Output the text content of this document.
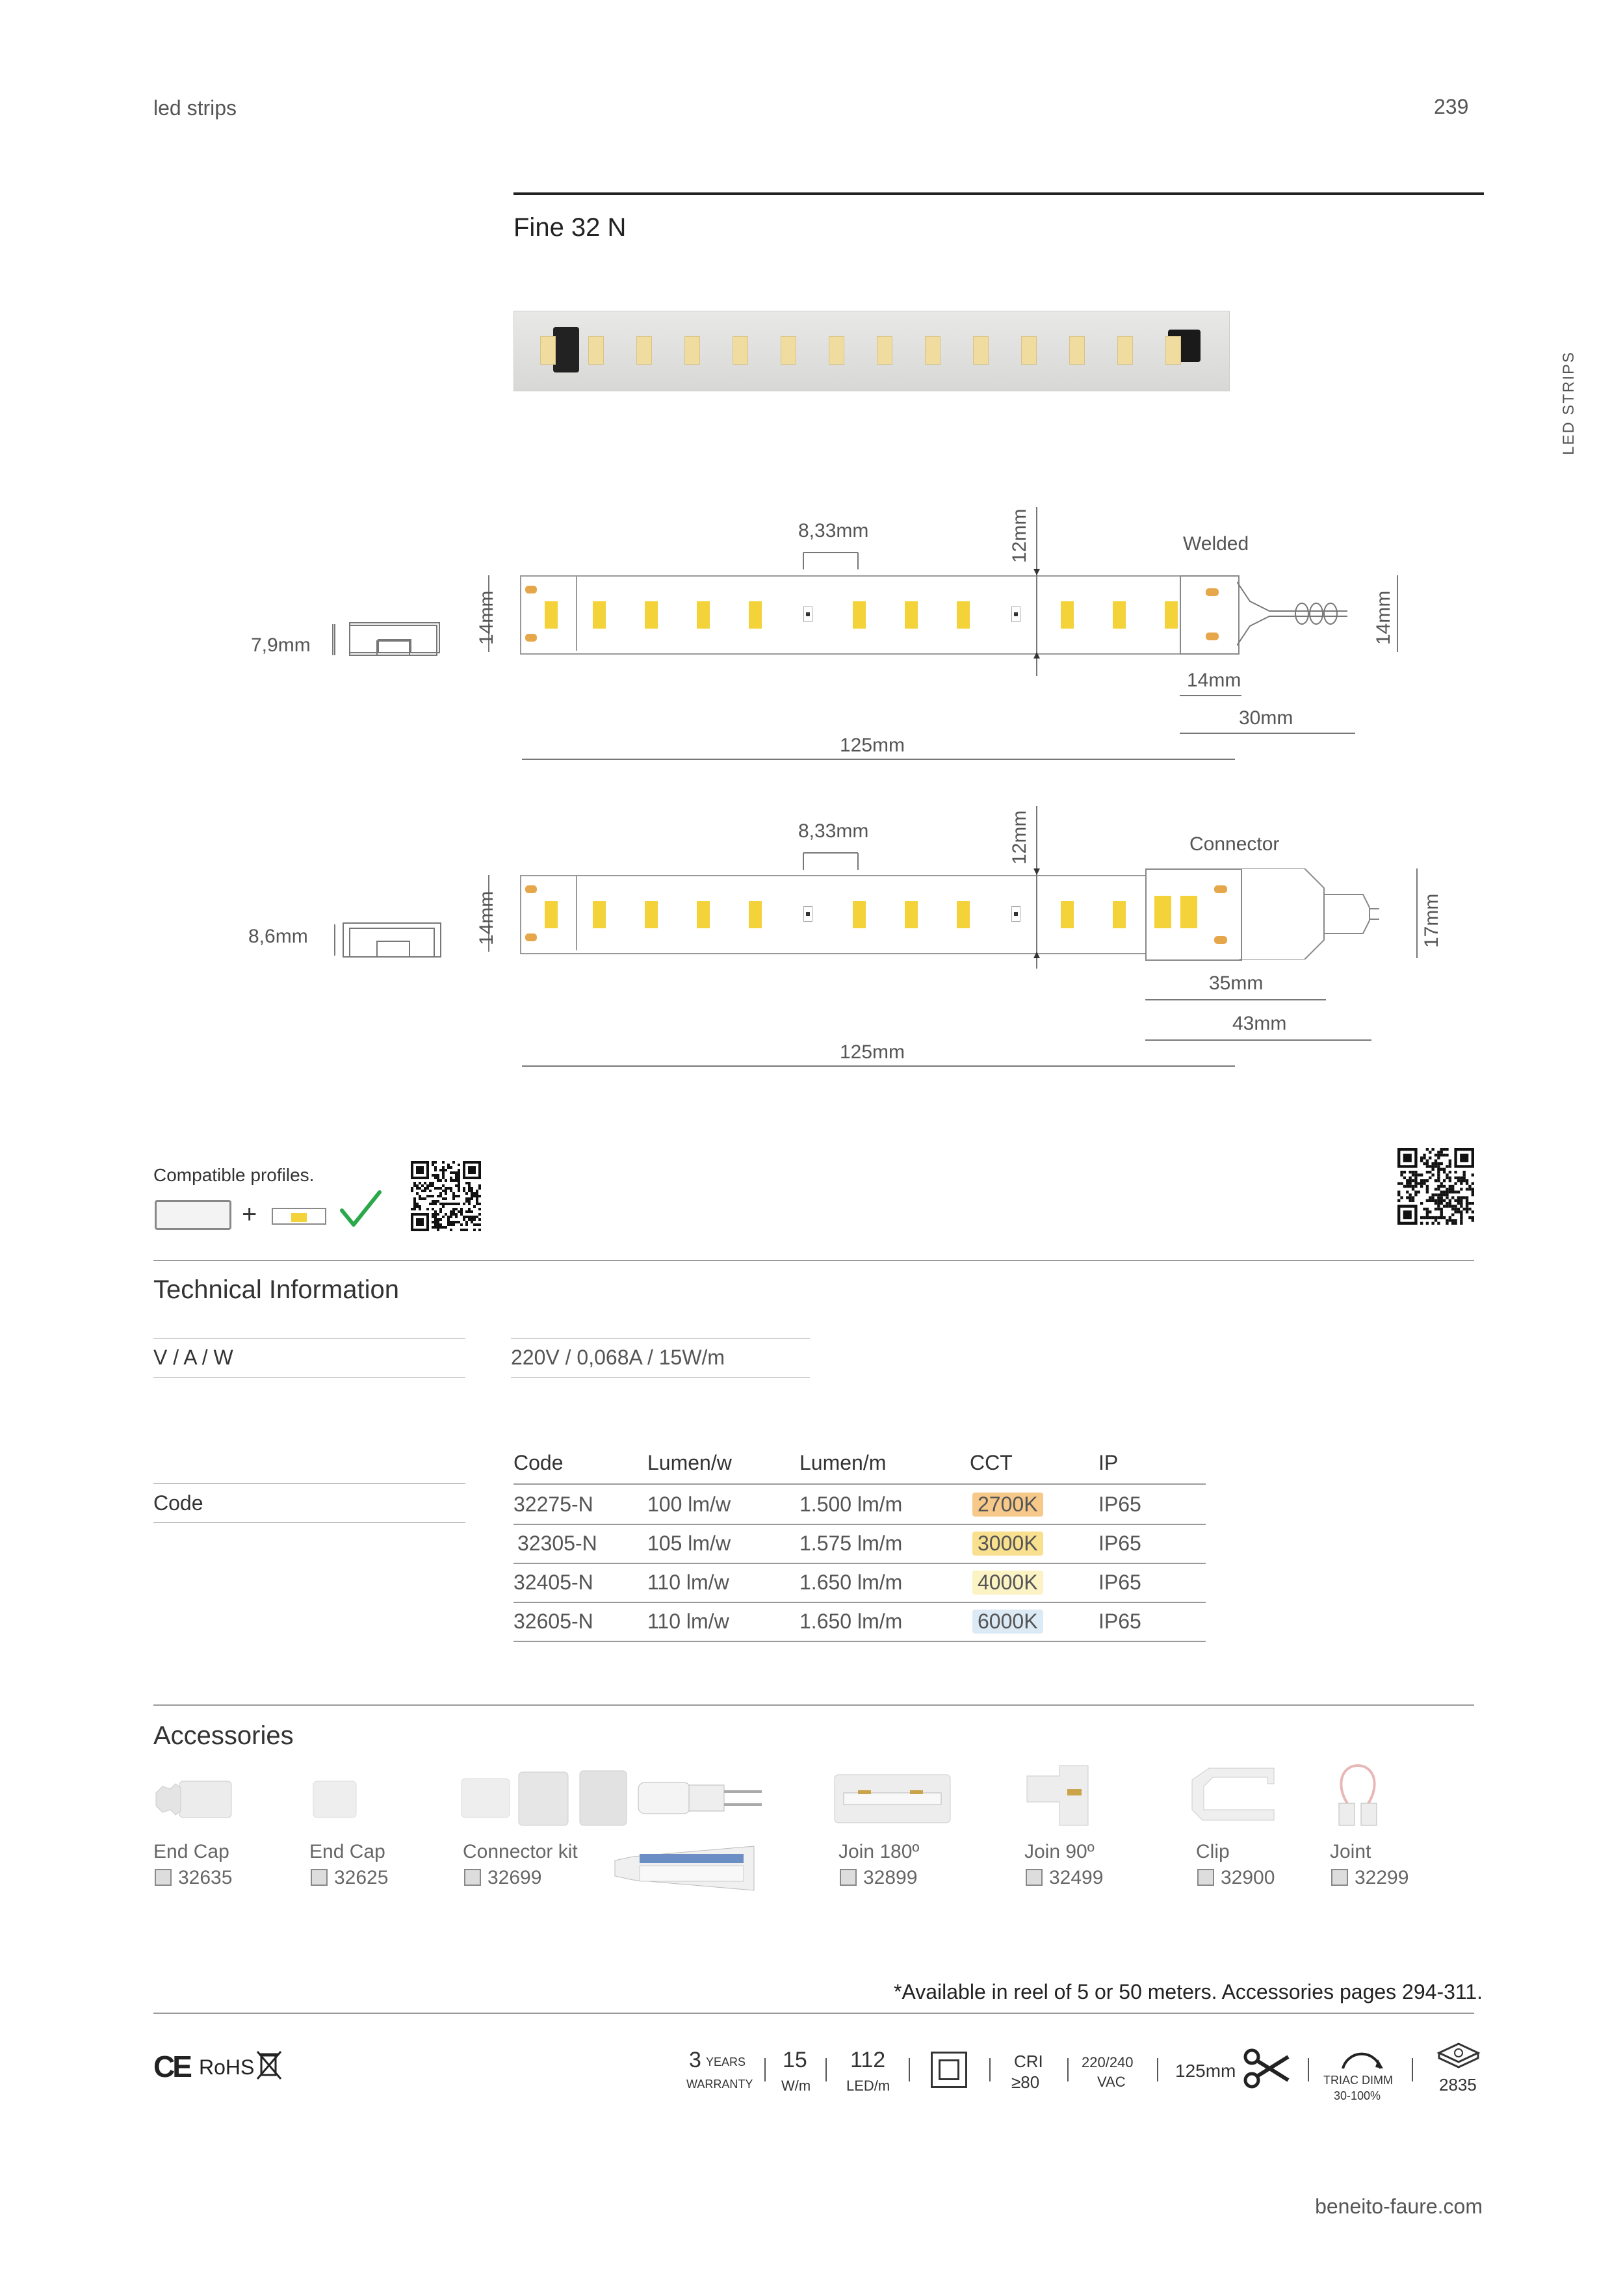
led strips	239
LED STRIPS
Fine 32 N
8,33mm	12mm	Welded
14mm	14mm
14mm
30mm
125mm
7,9mm
8,33mm	12mm	Connector
14mm	17mm
35mm
43mm
125mm
8,6mm
Compatible profiles.
+
Technical Information
V / A / W	220V / 0,068A / 15W/m
Code
Code	Lumen/w	Lumen/m	CCT	IP
32275-N	100 lm/w	1.500 lm/m	2700K	IP65
32305-N 105 lm/w	1.575 lm/m	3000K	IP65
32405-N	110 lm/w	1.650 lm/m	4000K	IP65
32605-N	110 lm/w	1.650 lm/m	6000K	IP65
Accessories
End Cap
32635
End Cap
32625
Connector kit
32699
Join 180º
32899
Join 90º
32499
Clip
32900
Joint
32299
*Available in reel of 5 or 50 meters. Accessories pages 294-311.
CE RoHS	3 YEARS
WARRANTY
15
W/m
112
LED/m
CRI
≥80
220/240
VAC
125mm	TRIAC DIMM
30-100%
2835
beneito-faure.com
